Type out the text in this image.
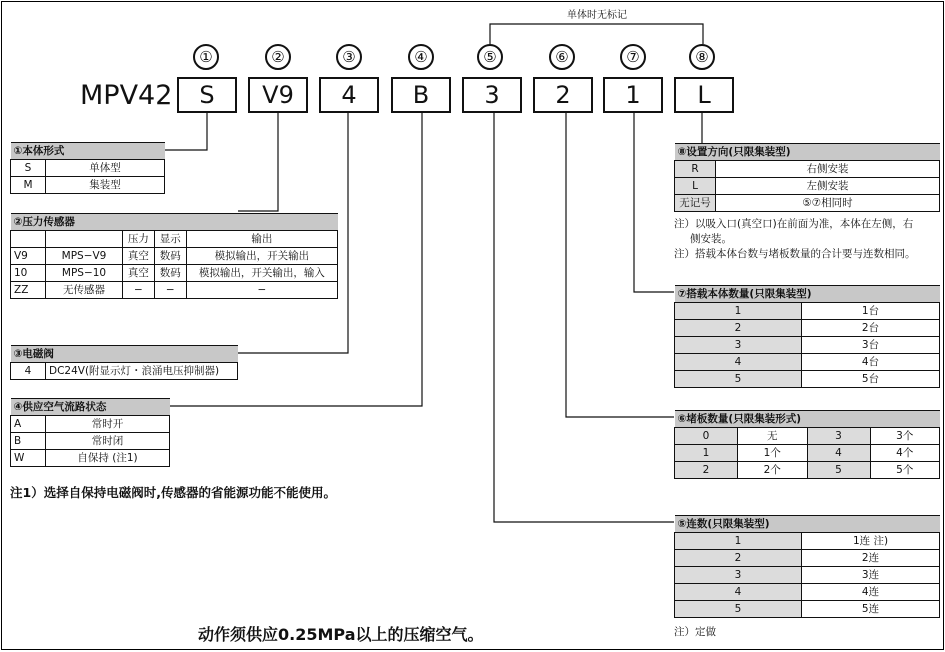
单体时无标记
①	②	③	④	⑤	⑥	⑦	⑧
MPV42	S	V9	4	B	3	2	1	L
①本体形式	
S	单体型
M	集装型
②压力传感器				
		压力	显示	输出
V9	MPS−V9	真空	数码	模拟输出，开关输出
10	MPS−10	真空	数码	模拟输出，开关输出，输入
ZZ	无传感器	−	−	−
③电磁阀
4	DC24V(附显示灯・浪涌电压抑制器)
④供应空气流路状态	
A	常时开
B	常时闭
W	自保持 (注1)
注1）选择自保持电磁阀时,传感器的省能源功能不能使用。
动作须供应0.25MPa以上的压缩空气。
⑧设置方向(只限集装型)	
R	右侧安装
L	左侧安装
无记号	⑤⑦相同时
注）以吸入口(真空口)在前面为准，本体在左侧，右
侧安装。
注）搭载本体台数与堵板数量的合计要与连数相同。
⑦搭载本体数量(只限集装型)	
1	1台
2	2台
3	3台
4	4台
5	5台
⑥堵板数量(只限集装形式)			
0	无	3	3个
1	1个	4	4个
2	2个	5	5个
⑤连数(只限集装型)	
1	1连 注)
2	2连
3	3连
4	4连
5	5连
注）定做
